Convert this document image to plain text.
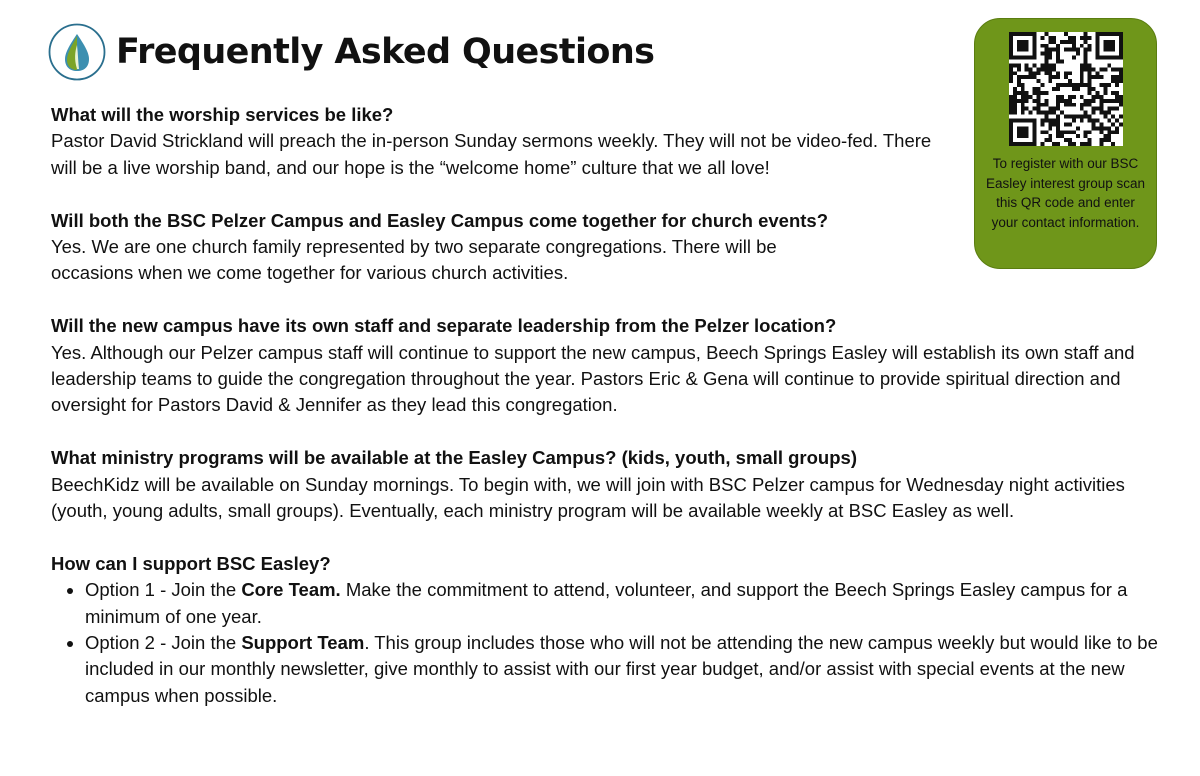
Frequently Asked Questions
To register with our BSC Easley interest group scan this QR code and enter your contact information.
What will the worship services be like?

Pastor David Strickland will preach the in-person Sunday sermons weekly. They will not be video-fed. There will be a live worship band, and our hope is the “welcome home” culture that we all love!

Will both the BSC Pelzer Campus and Easley Campus come together for church events?

Yes. We are one church family represented by two separate congregations. There will be occasions when we come together for various church activities.

Will the new campus have its own staff and separate leadership from the Pelzer location?

Yes. Although our Pelzer campus staff will continue to support the new campus, Beech Springs Easley will establish its own staff and leadership teams to guide the congregation throughout the year. Pastors Eric & Gena will continue to provide spiritual direction and oversight for Pastors David & Jennifer as they lead this congregation.

What ministry programs will be available at the Easley Campus? (kids, youth, small groups)

BeechKidz will be available on Sunday mornings. To begin with, we will join with BSC Pelzer campus for Wednesday night activities (youth, young adults, small groups). Eventually, each ministry program will be available weekly at BSC Easley as well.

How can I support BSC Easley?
• Option 1 - Join the Core Team. Make the commitment to attend, volunteer, and support the Beech Springs Easley campus for a minimum of one year.
• Option 2 - Join the Support Team. This group includes those who will not be attending the new campus weekly but would like to be included in our monthly newsletter, give monthly to assist with our first year budget, and/or assist with special events at the new campus when possible.
